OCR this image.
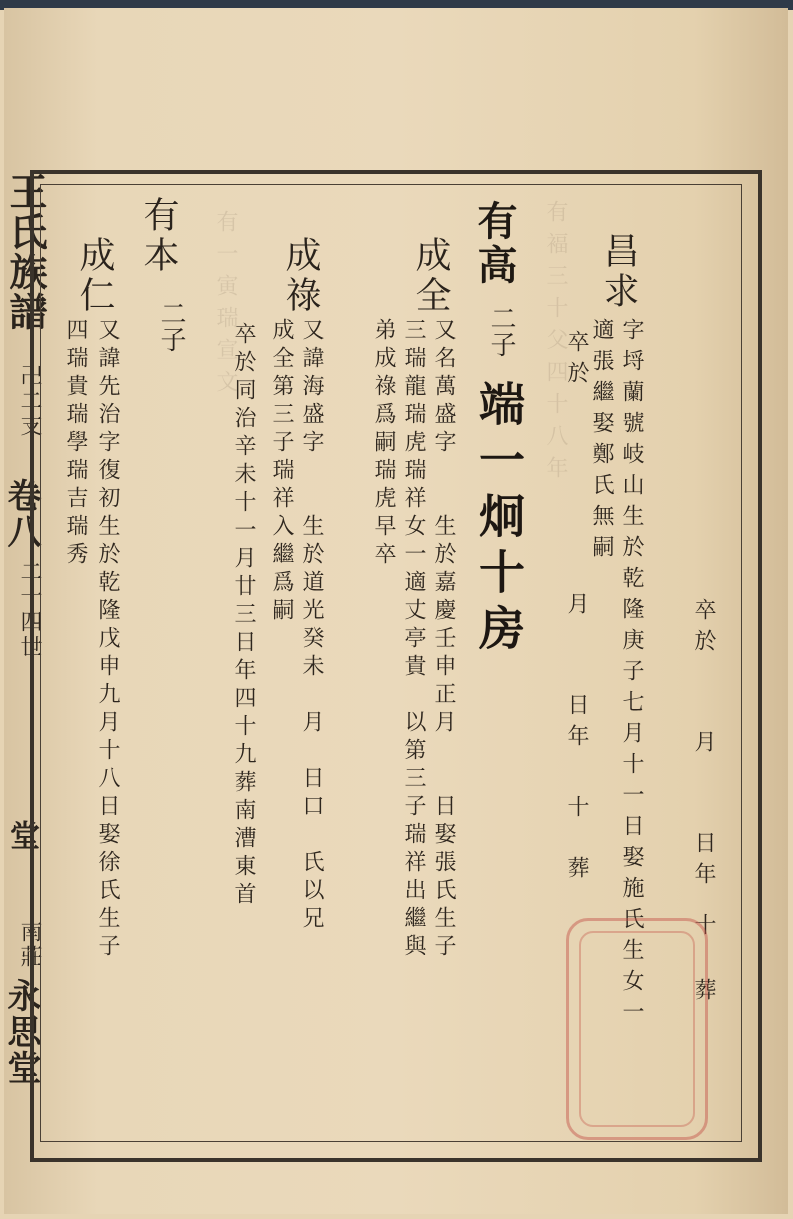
有褔三十父四十八年
有一寅瑞宣文
王氏族譜
卍二支
卷八
二十四世
堂
南莊
永思堂
卒於月日年十葬
昌求
字埒蘭號岐山生於乾隆庚子七月十一日娶施氏生女一
適張繼娶鄭氏無嗣
卒於月日年十葬
有高
二子
端一炯十房
成全
又名萬盛字　　生於嘉慶壬申正月　　日娶張氏生子
三瑞龍瑞虎瑞祥女一適丈亭貴　以第三子瑞祥出繼與
弟成祿爲嗣瑞虎早卒
成祿
又諱海盛字　　生於道光癸未　月　日口　氏以兄
成全第三子瑞祥入繼爲嗣
卒於同治辛未十一月廿三日年四十九葬南漕東首
有本
二子
成仁
又諱先治字復初生於乾隆戊申九月十八日娶徐氏生子
四瑞貴瑞學瑞吉瑞秀
